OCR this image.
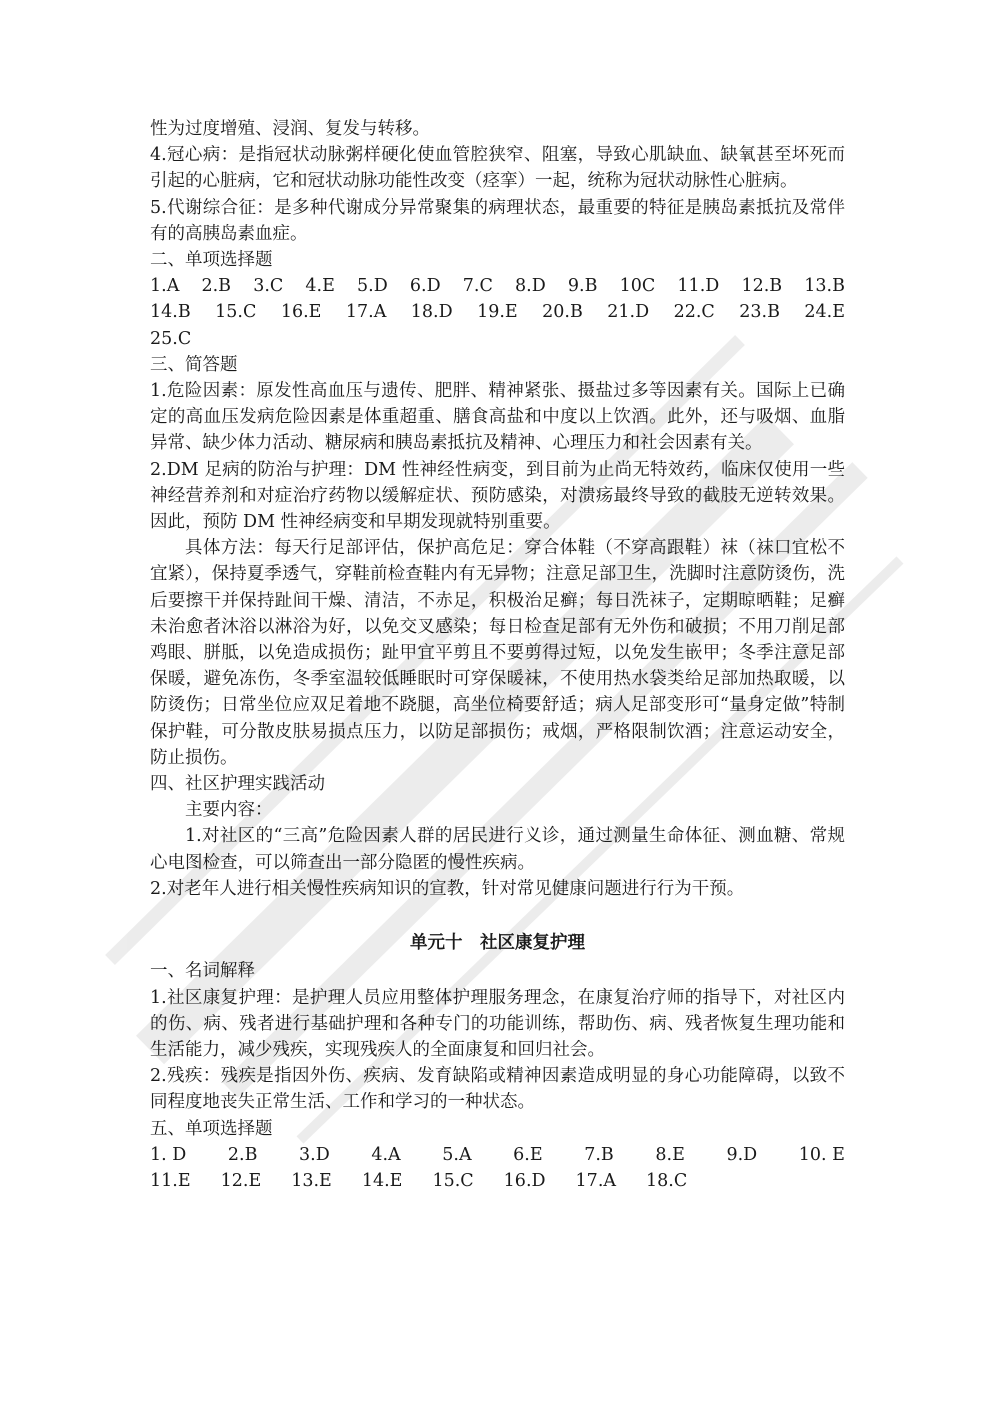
性为过度增殖、浸润、复发与转移。

4.冠心病：是指冠状动脉粥样硬化使血管腔狭窄、阻塞，导致心肌缺血、缺氧甚至坏死而引起的心脏病，它和冠状动脉功能性改变（痉挛）一起，统称为冠状动脉性心脏病。

5.代谢综合征：是多种代谢成分异常聚集的病理状态，最重要的特征是胰岛素抵抗及常伴有的高胰岛素血症。

二、单项选择题

1.A 2.B 3.C 4.E 5.D 6.D 7.C 8.D 9.B 10C 11.D 12.B 13.B
14.B 15.C 16.E 17.A 18.D 19.E 20.B 21.D 22.C 23.B 24.E

25.C

三、简答题

1.危险因素：原发性高血压与遗传、肥胖、精神紧张、摄盐过多等因素有关。国际上已确定的高血压发病危险因素是体重超重、膳食高盐和中度以上饮酒。此外，还与吸烟、血脂异常、缺少体力活动、糖尿病和胰岛素抵抗及精神、心理压力和社会因素有关。

2.DM 足病的防治与护理：DM 性神经性病变，到目前为止尚无特效药，临床仅使用一些神经营养剂和对症治疗药物以缓解症状、预防感染，对溃疡最终导致的截肢无逆转效果。因此，预防 DM 性神经病变和早期发现就特别重要。

具体方法：每天行足部评估，保护高危足：穿合体鞋（不穿高跟鞋）袜（袜口宜松不宜紧），保持夏季透气，穿鞋前检查鞋内有无异物；注意足部卫生，洗脚时注意防烫伤，洗后要擦干并保持趾间干燥、清洁，不赤足，积极治足癣；每日洗袜子，定期晾晒鞋；足癣未治愈者沐浴以淋浴为好，以免交叉感染；每日检查足部有无外伤和破损；不用刀削足部鸡眼、胼胝，以免造成损伤；趾甲宜平剪且不要剪得过短，以免发生嵌甲；冬季注意足部保暖，避免冻伤，冬季室温较低睡眠时可穿保暖袜，不使用热水袋类给足部加热取暖，以防烫伤；日常坐位应双足着地不跷腿，高坐位椅要舒适；病人足部变形可“量身定做”特制保护鞋，可分散皮肤易损点压力，以防足部损伤；戒烟，严格限制饮酒；注意运动安全，防止损伤。

四、社区护理实践活动

主要内容：

1.对社区的“三高”危险因素人群的居民进行义诊，通过测量生命体征、测血糖、常规心电图检查，可以筛查出一部分隐匿的慢性疾病。

2.对老年人进行相关慢性疾病知识的宣教，针对常见健康问题进行行为干预。

单元十　社区康复护理

一、名词解释

1.社区康复护理：是护理人员应用整体护理服务理念，在康复治疗师的指导下，对社区内的伤、病、残者进行基础护理和各种专门的功能训练，帮助伤、病、残者恢复生理功能和生活能力，减少残疾，实现残疾人的全面康复和回归社会。

2.残疾：残疾是指因外伤、疾病、发育缺陷或精神因素造成明显的身心功能障碍，以致不同程度地丧失正常生活、工作和学习的一种状态。

五、单项选择题

1. D 2.B 3.D 4.A 5.A 6.E 7.B 8.E 9.D 10. E
11.E 12.E 13.E 14.E 15.C 16.D 17.A 18.C
